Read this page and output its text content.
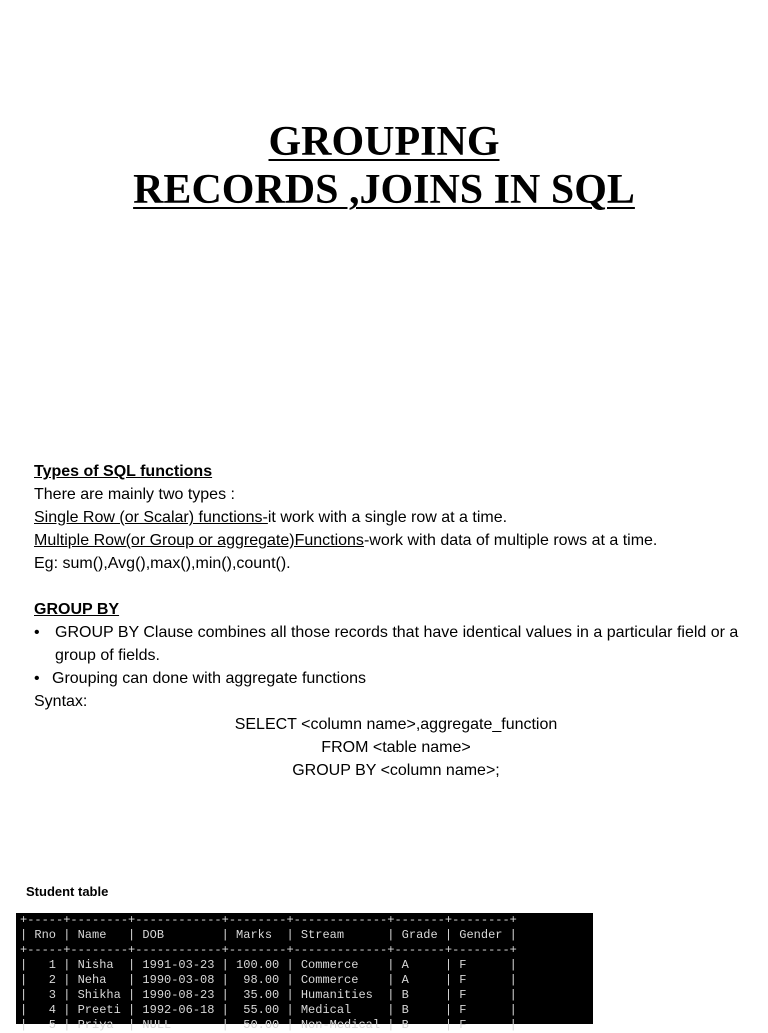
GROUPING
RECORDS ,JOINS IN SQL
Types of SQL functions
There are mainly two types :
Single Row (or Scalar) functions-it work with a single row at a time.
Multiple Row(or Group or aggregate)Functions-work with data of multiple rows at a time.
Eg: sum(),Avg(),max(),min(),count().
GROUP BY
• GROUP BY Clause combines all those records that have identical values in a particular field or a group of fields.
• Grouping can done with aggregate functions
Syntax:
SELECT <column name>,aggregate_function
FROM <table name>
GROUP BY <column name>;
Student table
+-----+--------+------------+--------+-------------+-------+--------+
| Rno | Name   | DOB        | Marks  | Stream      | Grade | Gender |
+-----+--------+------------+--------+-------------+-------+--------+
|   1 | Nisha  | 1991-03-23 | 100.00 | Commerce    | A     | F      |
|   2 | Neha   | 1990-03-08 |  98.00 | Commerce    | A     | F      |
|   3 | Shikha | 1990-08-23 |  35.00 | Humanities  | B     | F      |
|   4 | Preeti | 1992-06-18 |  55.00 | Medical     | B     | F      |
|   5 | Priya  | NULL       |  50.00 | Non-Medical | B     | F      |
